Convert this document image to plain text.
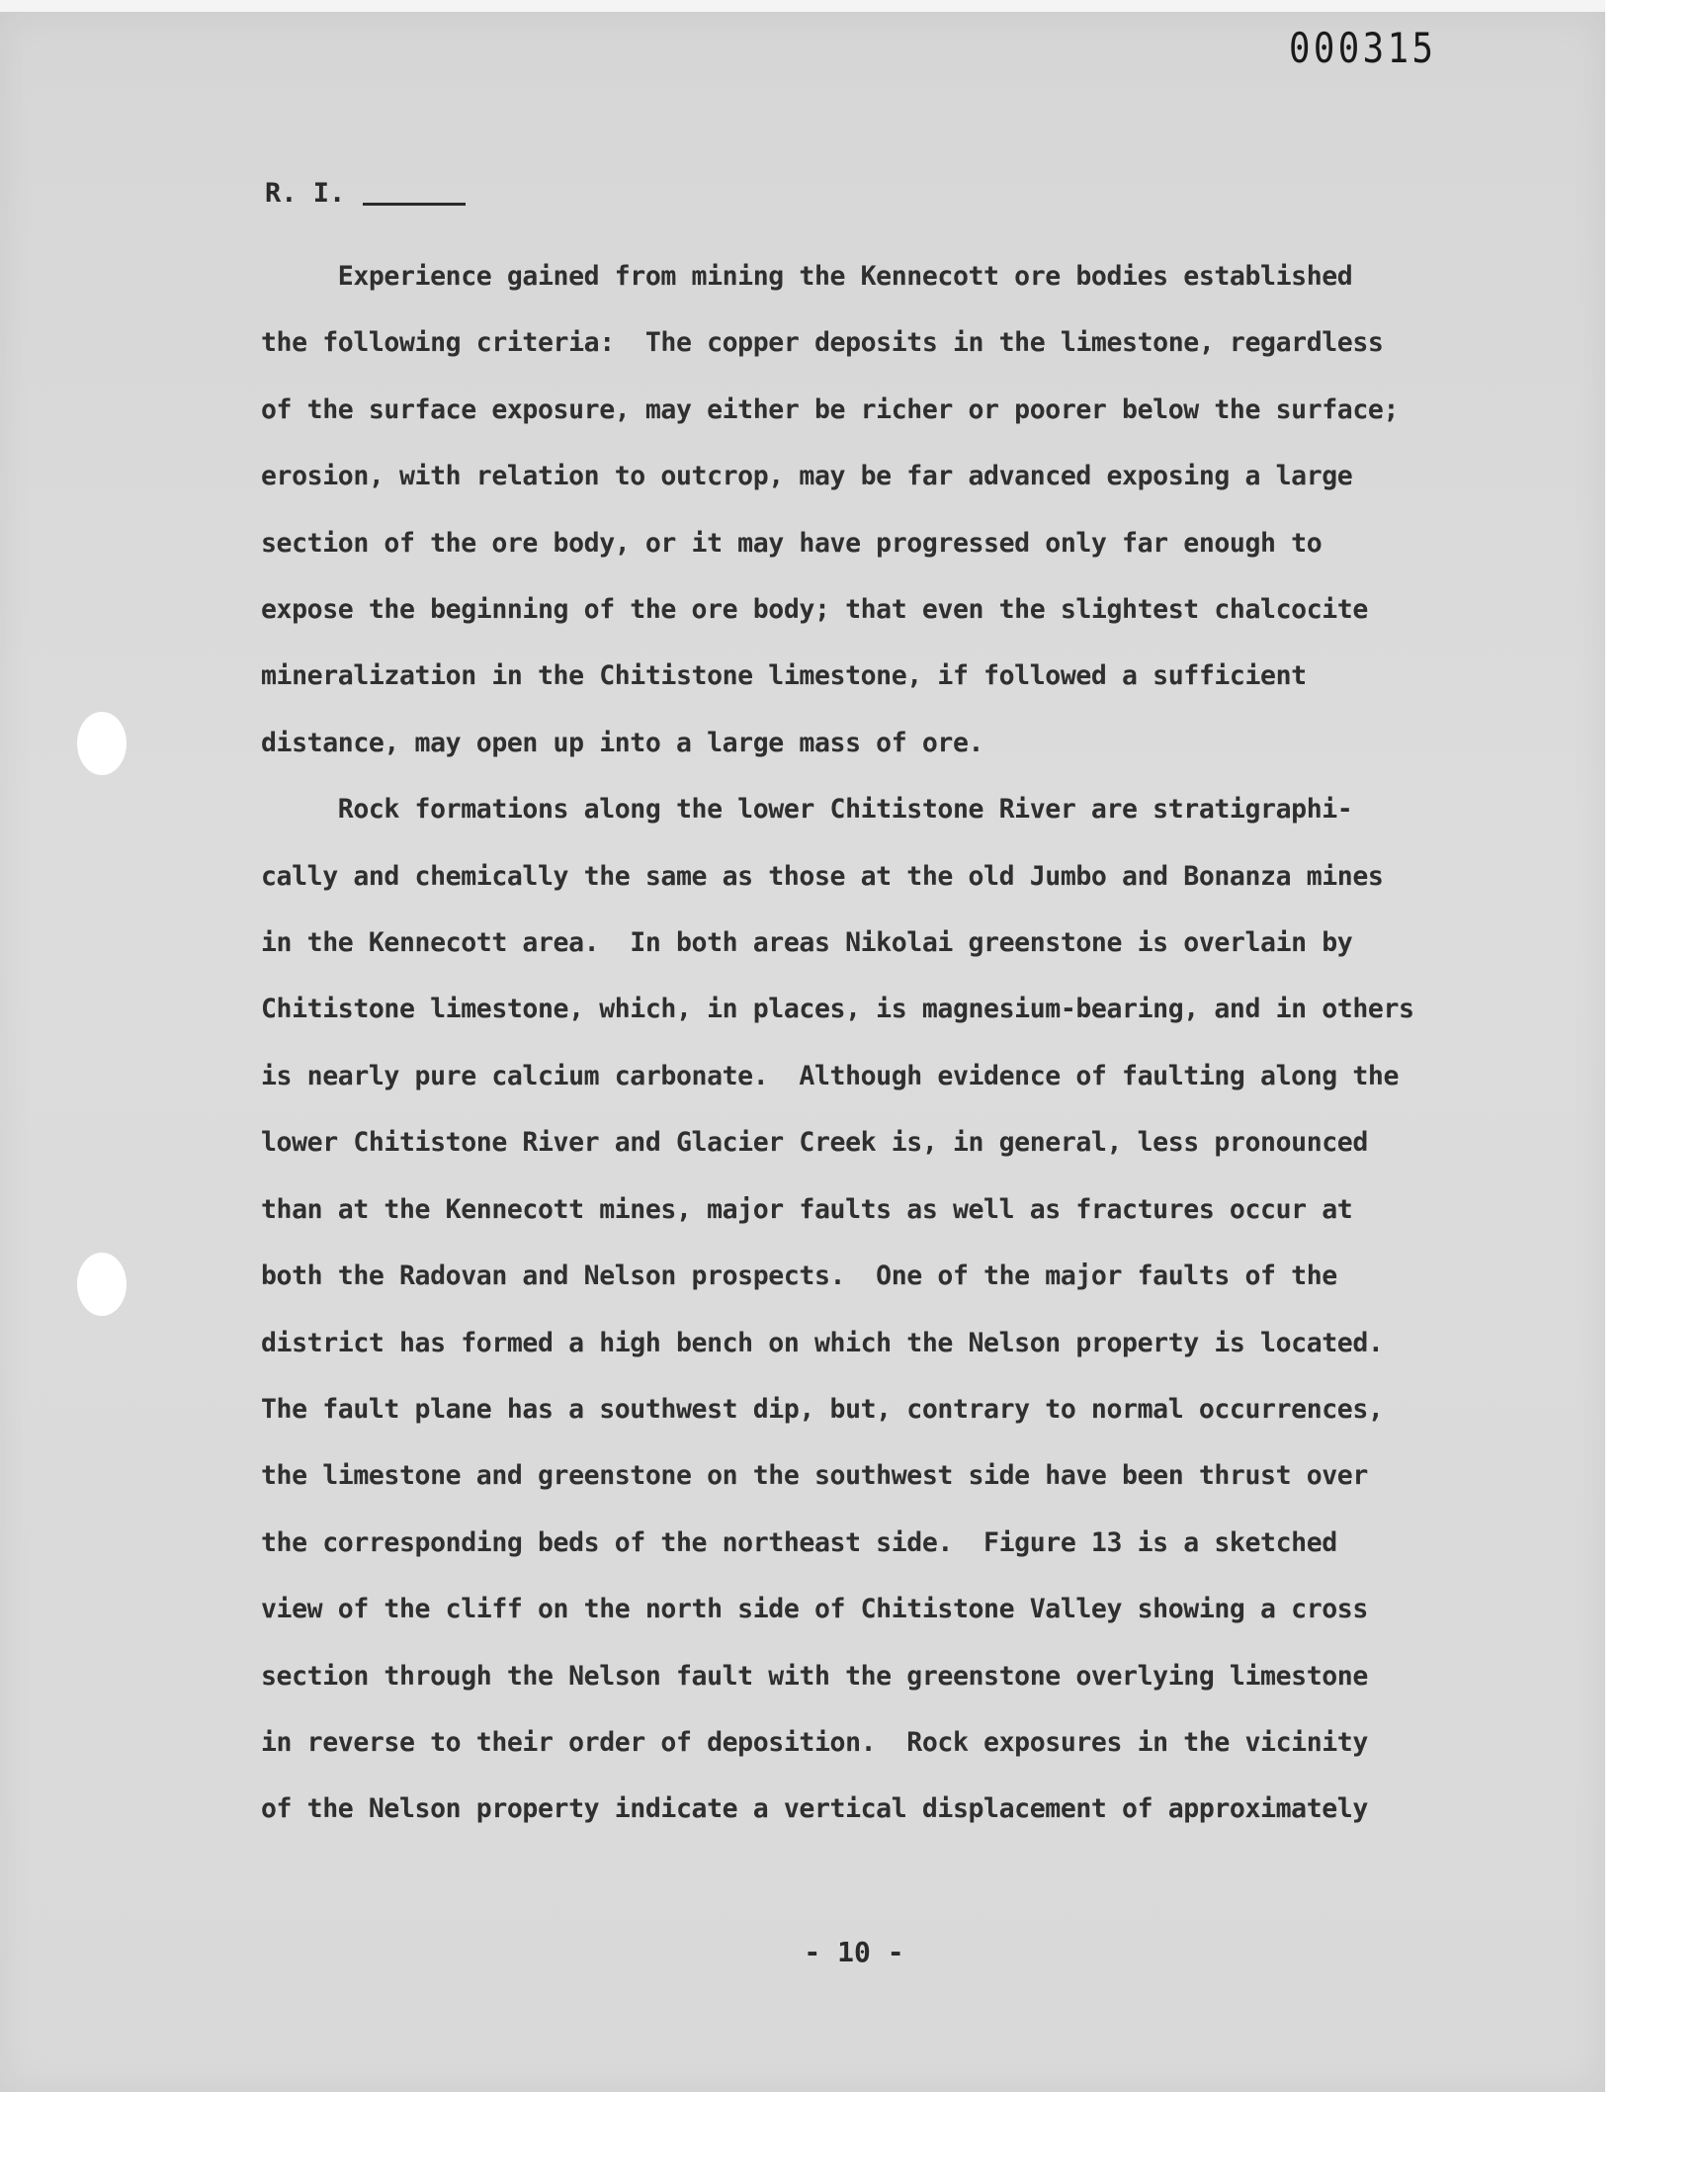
000315
R. I.
Experience gained from mining the Kennecott ore bodies established
the following criteria:  The copper deposits in the limestone, regardless
of the surface exposure, may either be richer or poorer below the surface;
erosion, with relation to outcrop, may be far advanced exposing a large
section of the ore body, or it may have progressed only far enough to
expose the beginning of the ore body; that even the slightest chalcocite
mineralization in the Chitistone limestone, if followed a sufficient
distance, may open up into a large mass of ore.
Rock formations along the lower Chitistone River are stratigraphi-
cally and chemically the same as those at the old Jumbo and Bonanza mines
in the Kennecott area.  In both areas Nikolai greenstone is overlain by
Chitistone limestone, which, in places, is magnesium-bearing, and in others
is nearly pure calcium carbonate.  Although evidence of faulting along the
lower Chitistone River and Glacier Creek is, in general, less pronounced
than at the Kennecott mines, major faults as well as fractures occur at
both the Radovan and Nelson prospects.  One of the major faults of the
district has formed a high bench on which the Nelson property is located.
The fault plane has a southwest dip, but, contrary to normal occurrences,
the limestone and greenstone on the southwest side have been thrust over
the corresponding beds of the northeast side.  Figure 13 is a sketched
view of the cliff on the north side of Chitistone Valley showing a cross
section through the Nelson fault with the greenstone overlying limestone
in reverse to their order of deposition.  Rock exposures in the vicinity
of the Nelson property indicate a vertical displacement of approximately
- 10 -
